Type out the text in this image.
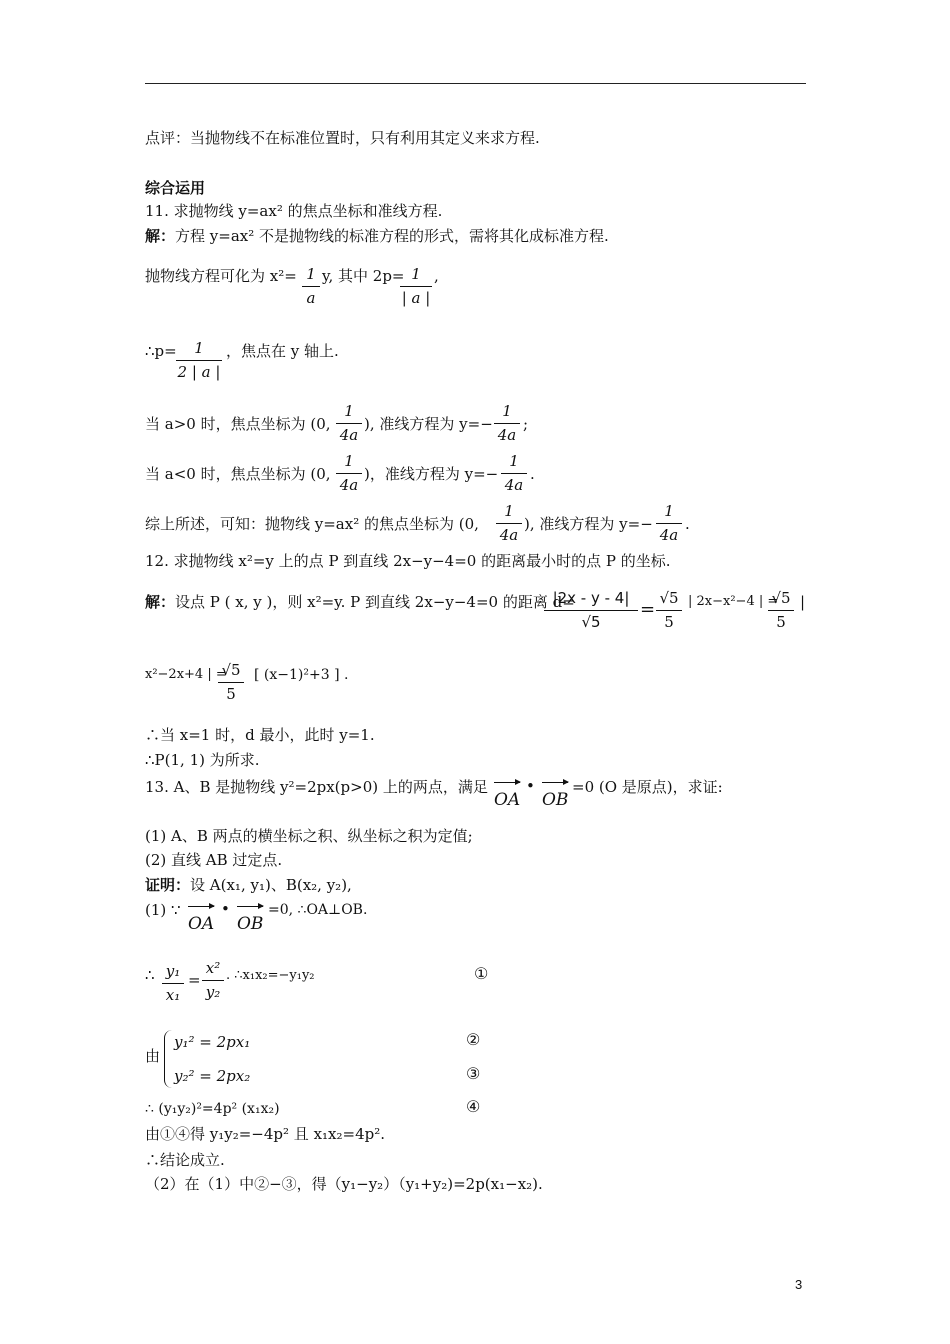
点评：当抛物线不在标准位置时，只有利用其定义来求方程.
综合运用
11. 求抛物线 y=ax² 的焦点坐标和准线方程.
解：方程 y=ax² 不是抛物线的标准方程的形式，需将其化成标准方程.
抛物线方程可化为 x²= 1
a
y, 其中 2p= 1
| a |
,
∴p=	1
2 | a |
，焦点在 y 轴上.
当 a>0 时，焦点坐标为 (0,
1
4a
), 准线方程为 y=−
1
4a
;
当 a<0 时，焦点坐标为 (0,
1
4a
)，准线方程为 y=−
1
4a
.
综上所述，可知：抛物线 y=ax² 的焦点坐标为 (0,
1
4a
), 准线方程为 y=−
1
4a
.
12. 求抛物线 x²=y 上的点 P 到直线 2x−y−4=0 的距离最小时的点 P 的坐标.
解：设点 P ( x, y )，则 x²=y. P 到直线 2x−y−4=0 的距离 d=
|2x - y - 4|
√5
=
√5
5
| 2x−x²−4 | =
√5
5
|
x²−2x+4 | =
√5
5
[ (x−1)²+3 ] .
∴当 x=1 时，d 最小，此时 y=1.
∴P(1, 1) 为所求.
13. A、B 是抛物线 y²=2px(p>0) 上的两点，满足
OA
•
OB
=0 (O 是原点)，求证:
(1) A、B 两点的横坐标之积、纵坐标之积为定值;
(2) 直线 AB 过定点.
证明：设 A(x₁, y₁)、B(x₂, y₂),
(1) ∵
OA
•
OB
=0, ∴OA⊥OB.
∴ y₁
x₁
=
x²
y₂
. ∴x₁x₂=−y₁y₂	①
由
y₁² = 2px₁
y₂² = 2px₂
②
③
∴ (y₁y₂)²=4p² (x₁x₂)	④
由①④得 y₁y₂=−4p² 且 x₁x₂=4p².
∴结论成立.
（2）在（1）中②−③，得（y₁−y₂）（y₁+y₂)=2p(x₁−x₂).
3
